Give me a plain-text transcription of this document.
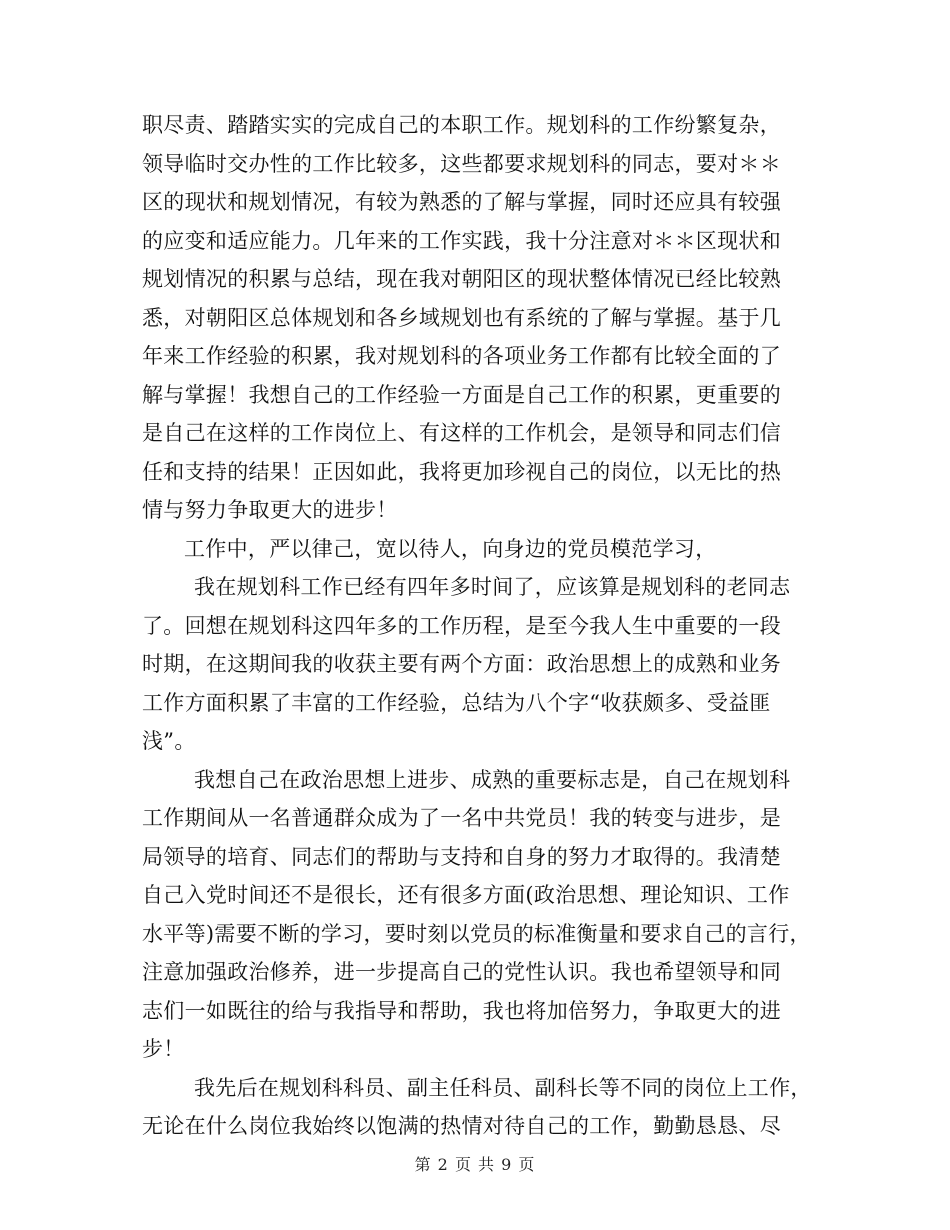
职尽责、踏踏实实的完成自己的本职工作。规划科的工作纷繁复杂，
领导临时交办性的工作比较多，这些都要求规划科的同志，要对＊＊
区的现状和规划情况，有较为熟悉的了解与掌握，同时还应具有较强
的应变和适应能力。几年来的工作实践，我十分注意对＊＊区现状和
规划情况的积累与总结，现在我对朝阳区的现状整体情况已经比较熟
悉，对朝阳区总体规划和各乡域规划也有系统的了解与掌握。基于几
年来工作经验的积累，我对规划科的各项业务工作都有比较全面的了
解与掌握！我想自己的工作经验一方面是自己工作的积累，更重要的
是自己在这样的工作岗位上、有这样的工作机会，是领导和同志们信
任和支持的结果！正因如此，我将更加珍视自己的岗位，以无比的热
情与努力争取更大的进步！
工作中，严以律己，宽以待人，向身边的党员模范学习，
我在规划科工作已经有四年多时间了，应该算是规划科的老同志
了。回想在规划科这四年多的工作历程，是至今我人生中重要的一段
时期，在这期间我的收获主要有两个方面：政治思想上的成熟和业务
工作方面积累了丰富的工作经验，总结为八个字“收获颇多、受益匪
浅”。
我想自己在政治思想上进步、成熟的重要标志是，自己在规划科
工作期间从一名普通群众成为了一名中共党员！我的转变与进步，是
局领导的培育、同志们的帮助与支持和自身的努力才取得的。我清楚
自己入党时间还不是很长，还有很多方面(政治思想、理论知识、工作
水平等)需要不断的学习，要时刻以党员的标准衡量和要求自己的言行，
注意加强政治修养，进一步提高自己的党性认识。我也希望领导和同
志们一如既往的给与我指导和帮助，我也将加倍努力，争取更大的进
步！
我先后在规划科科员、副主任科员、副科长等不同的岗位上工作，
无论在什么岗位我始终以饱满的热情对待自己的工作，勤勤恳恳、尽
第 2 页 共 9 页
